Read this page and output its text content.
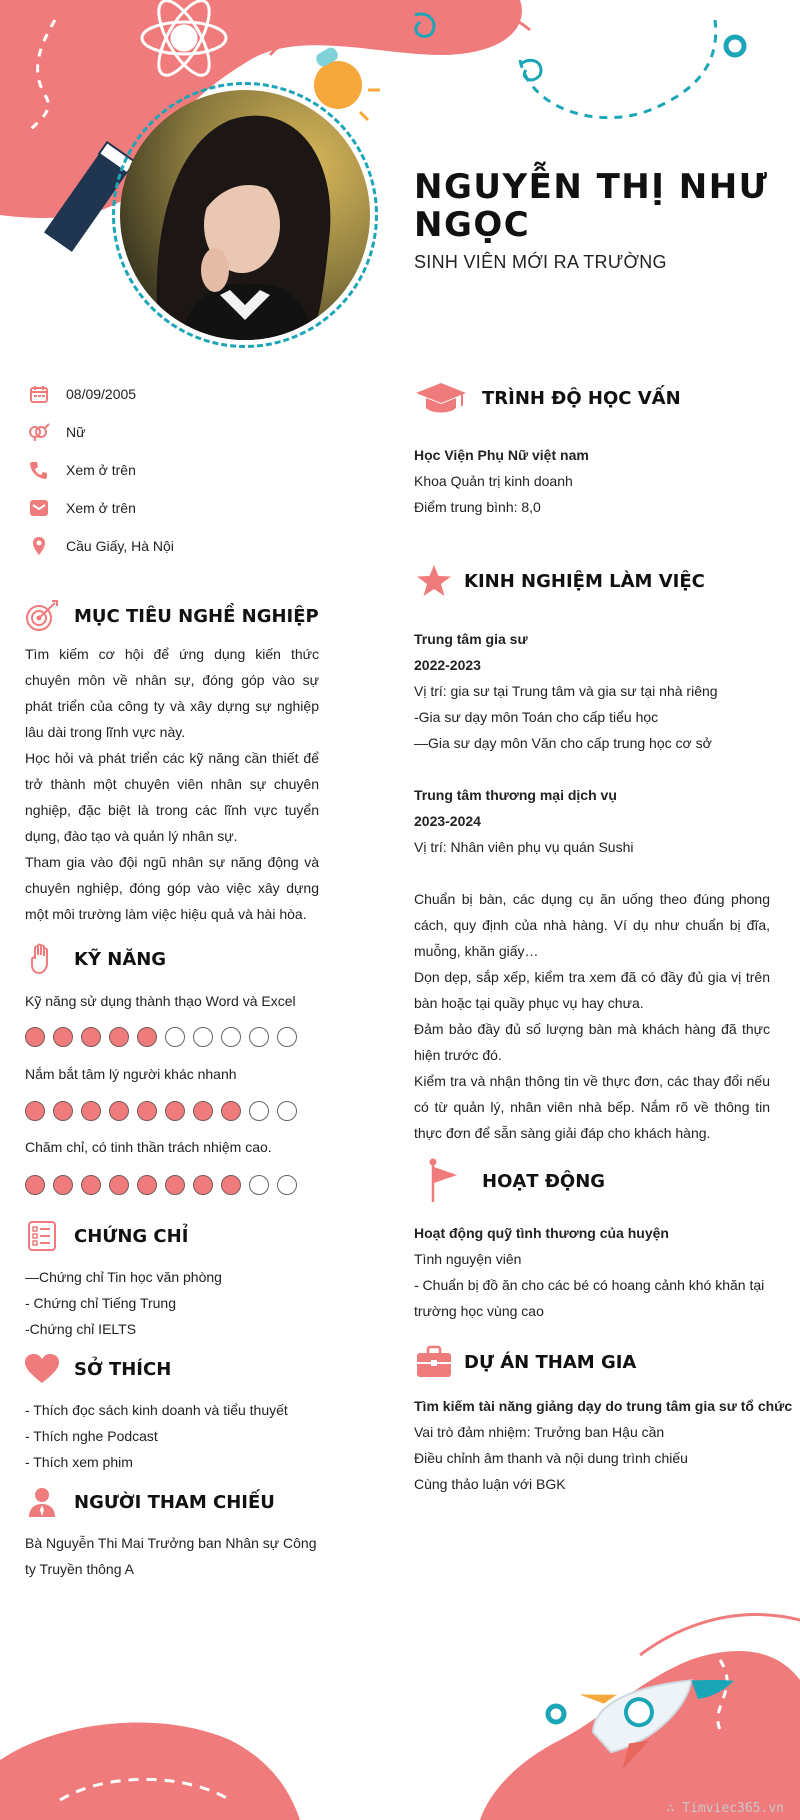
NGUYỄN THỊ NHƯ NGỌC
SINH VIÊN MỚI RA TRƯỜNG
08/09/2005
Nữ
Xem ở trên
Xem ở trên
Cầu Giấy, Hà Nội
MỤC TIÊU NGHỀ NGHIỆP

Tìm kiếm cơ hội để ứng dụng kiến thức chuyên môn về nhân sự, đóng góp vào sự phát triển của công ty và xây dựng sự nghiệp lâu dài trong lĩnh vực này.

Học hỏi và phát triển các kỹ năng cần thiết để trở thành một chuyên viên nhân sự chuyên nghiệp, đặc biệt là trong các lĩnh vực tuyển dụng, đào tạo và quản lý nhân sự.

Tham gia vào đội ngũ nhân sự năng động và chuyên nghiệp, đóng góp vào việc xây dựng một môi trường làm việc hiệu quả và hài hòa.

KỸ NĂNG
Kỹ năng sử dụng thành thạo Word và Excel
Nắm bắt tâm lý người khác nhanh
Chăm chỉ, có tinh thần trách nhiệm cao.
CHỨNG CHỈ

—Chứng chỉ Tin học văn phòng

- Chứng chỉ Tiếng Trung

-Chứng chỉ IELTS

SỞ THÍCH

- Thích đọc sách kinh doanh và tiểu thuyết

- Thích nghe Podcast

- Thích xem phim

NGƯỜI THAM CHIẾU
Bà Nguyễn Thi Mai Trưởng ban Nhân sự Công ty Truyền thông A
TRÌNH ĐỘ HỌC VẤN

Học Viện Phụ Nữ việt nam

Khoa Quản trị kinh doanh

Điểm trung bình: 8,0

KINH NGHIỆM LÀM VIỆC

Trung tâm gia sư

2022-2023

Vị trí: gia sư tại Trung tâm và gia sư tại nhà riêng

-Gia sư dạy môn Toán cho cấp tiểu học

—Gia sư dạy môn Văn cho cấp trung học cơ sở

Trung tâm thương mại dịch vụ

2023-2024

Vị trí: Nhân viên phụ vụ quán Sushi

Chuẩn bị bàn, các dụng cụ ăn uống theo đúng phong cách, quy định của nhà hàng. Ví dụ như chuẩn bị đĩa, muỗng, khăn giấy…

Dọn dẹp, sắp xếp, kiểm tra xem đã có đầy đủ gia vị trên bàn hoặc tại quầy phục vụ hay chưa.

Đảm bảo đầy đủ số lượng bàn mà khách hàng đã thực hiện trước đó.

Kiểm tra và nhận thông tin về thực đơn, các thay đổi nếu có từ quản lý, nhân viên nhà bếp. Nắm rõ về thông tin thực đơn để sẵn sàng giải đáp cho khách hàng.

HOẠT ĐỘNG

Hoạt động quỹ tình thương của huyện

Tình nguyện viên

- Chuẩn bị đồ ăn cho các bé có hoang cảnh khó khăn tại trường học vùng cao

DỰ ÁN THAM GIA

Tìm kiếm tài năng giảng dạy do trung tâm gia sư tổ chức

Vai trò đảm nhiệm: Trưởng ban Hậu cần

Điều chỉnh âm thanh và nội dung trình chiếu

Cùng thảo luận với BGK

∴ Timviec365.vn
